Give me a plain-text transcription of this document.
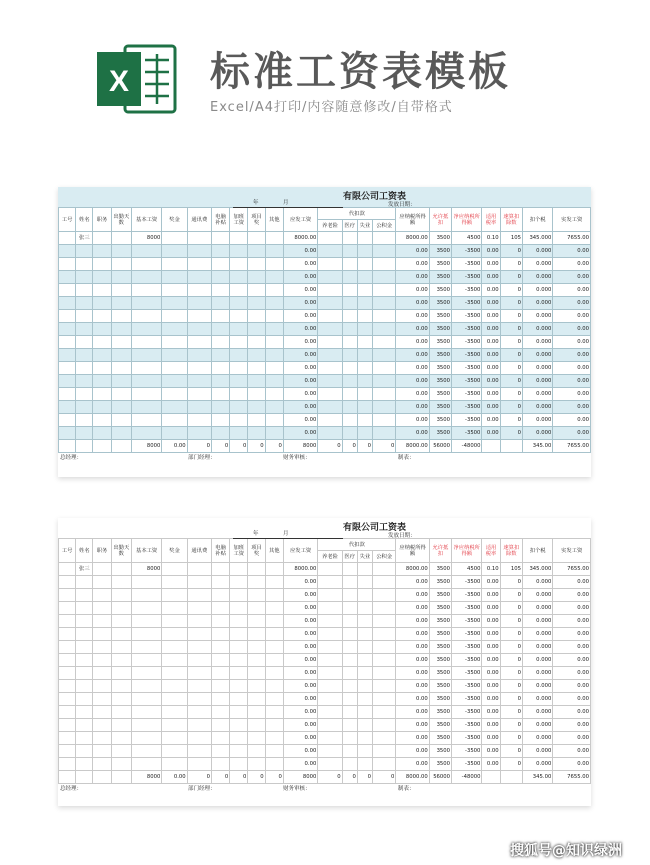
X 标准工资表模板
Excel/A4打印/内容随意修改/自带格式
有限公司工资表
年	月	发放日期：
工号	姓名	职务	出勤天数	基本工资	奖金	通讯费	电脑补贴	加班工资	项目奖	其他	应发工资	代扣款				应纳税所得额	允许抵扣	净应纳税所得额	适用税率	速算扣除数	扣个税	实发工资
												养老险	医疗	失业	公积金							
	张三			8000							8000.00					8000.00	3500	4500	0.10	105	345.000	7655.00
											0.00					0.00	3500	-3500	0.00	0	0.000	0.00
											0.00					0.00	3500	-3500	0.00	0	0.000	0.00
											0.00					0.00	3500	-3500	0.00	0	0.000	0.00
											0.00					0.00	3500	-3500	0.00	0	0.000	0.00
											0.00					0.00	3500	-3500	0.00	0	0.000	0.00
											0.00					0.00	3500	-3500	0.00	0	0.000	0.00
											0.00					0.00	3500	-3500	0.00	0	0.000	0.00
											0.00					0.00	3500	-3500	0.00	0	0.000	0.00
											0.00					0.00	3500	-3500	0.00	0	0.000	0.00
											0.00					0.00	3500	-3500	0.00	0	0.000	0.00
											0.00					0.00	3500	-3500	0.00	0	0.000	0.00
											0.00					0.00	3500	-3500	0.00	0	0.000	0.00
											0.00					0.00	3500	-3500	0.00	0	0.000	0.00
											0.00					0.00	3500	-3500	0.00	0	0.000	0.00
											0.00					0.00	3500	-3500	0.00	0	0.000	0.00
				8000	0.00	0	0	0	0	0	8000	0	0	0	0	8000.00	56000	-48000			345.00	7655.00
总经理：	部门经理：	财务审核：	制表：
有限公司工资表
年	月	发放日期：
工号	姓名	职务	出勤天数	基本工资	奖金	通讯费	电脑补贴	加班工资	项目奖	其他	应发工资	代扣款				应纳税所得额	允许抵扣	净应纳税所得额	适用税率	速算扣除数	扣个税	实发工资
												养老险	医疗	失业	公积金							
	张三			8000							8000.00					8000.00	3500	4500	0.10	105	345.000	7655.00
											0.00					0.00	3500	-3500	0.00	0	0.000	0.00
											0.00					0.00	3500	-3500	0.00	0	0.000	0.00
											0.00					0.00	3500	-3500	0.00	0	0.000	0.00
											0.00					0.00	3500	-3500	0.00	0	0.000	0.00
											0.00					0.00	3500	-3500	0.00	0	0.000	0.00
											0.00					0.00	3500	-3500	0.00	0	0.000	0.00
											0.00					0.00	3500	-3500	0.00	0	0.000	0.00
											0.00					0.00	3500	-3500	0.00	0	0.000	0.00
											0.00					0.00	3500	-3500	0.00	0	0.000	0.00
											0.00					0.00	3500	-3500	0.00	0	0.000	0.00
											0.00					0.00	3500	-3500	0.00	0	0.000	0.00
											0.00					0.00	3500	-3500	0.00	0	0.000	0.00
											0.00					0.00	3500	-3500	0.00	0	0.000	0.00
											0.00					0.00	3500	-3500	0.00	0	0.000	0.00
											0.00					0.00	3500	-3500	0.00	0	0.000	0.00
				8000	0.00	0	0	0	0	0	8000	0	0	0	0	8000.00	56000	-48000			345.00	7655.00
总经理：	部门经理：	财务审核：	制表：
搜狐号@知识绿洲
